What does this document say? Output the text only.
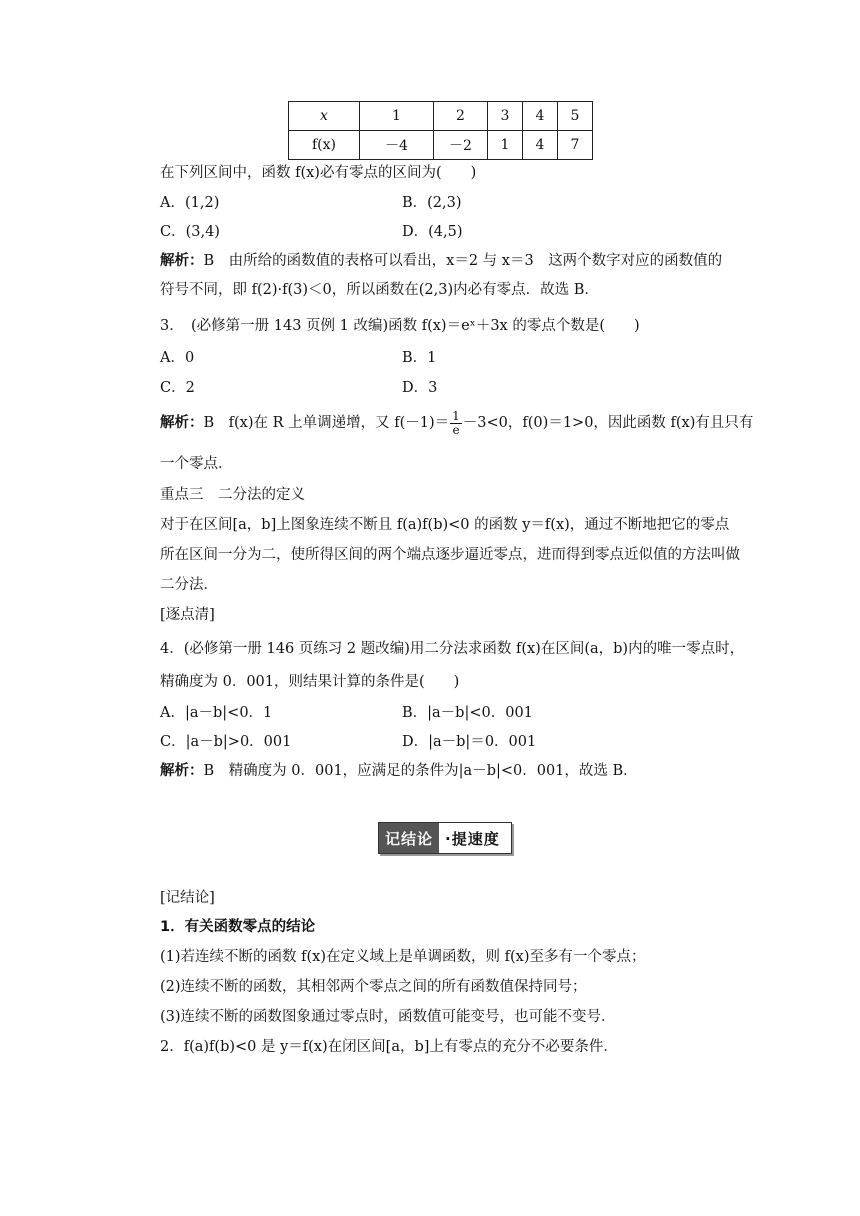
x	1	2	3	4	5
f(x)	－4	－2	1	4	7
在下列区间中，函数 f(x)必有零点的区间为(　　)
A．(1,2)	B．(2,3)
C．(3,4)	D．(4,5)
解析：B　由所给的函数值的表格可以看出，x＝2 与 x＝3　这两个数字对应的函数值的
符号不同，即 f(2)·f(3)＜0，所以函数在(2,3)内必有零点．故选 B．
3．　(必修第一册 143 页例 1 改编)函数 f(x)＝eˣ＋3x 的零点个数是(　　)
A．0	B．1
C．2	D．3
解析：B　f(x)在 R 上单调递增，又 $f(-1)= \frac{1}{e} -3<0$，f(0)＝1>0，因此函数 f(x)有且只有
一个零点．
重点三　二分法的定义
对于在区间[a，b]上图象连续不断且 f(a)f(b)<0 的函数 y＝f(x)，通过不断地把它的零点
所在区间一分为二，使所得区间的两个端点逐步逼近零点，进而得到零点近似值的方法叫做
二分法．
[逐点清]
4．(必修第一册 146 页练习 2 题改编)用二分法求函数 f(x)在区间(a，b)内的唯一零点时，
精确度为 0．001，则结果计算的条件是(　　)
A．|a－b|<0．1	B．|a－b|<0．001
C．|a－b|>0．001	D．|a－b|＝0．001
解析：B　精确度为 0．001，应满足的条件为|a－b|<0．001，故选 B．
记结论 ·提速度
[记结论]
1．有关函数零点的结论
(1)若连续不断的函数 f(x)在定义域上是单调函数，则 f(x)至多有一个零点；
(2)连续不断的函数，其相邻两个零点之间的所有函数值保持同号；
(3)连续不断的函数图象通过零点时，函数值可能变号，也可能不变号．
2．f(a)f(b)<0 是 y＝f(x)在闭区间[a，b]上有零点的充分不必要条件．
